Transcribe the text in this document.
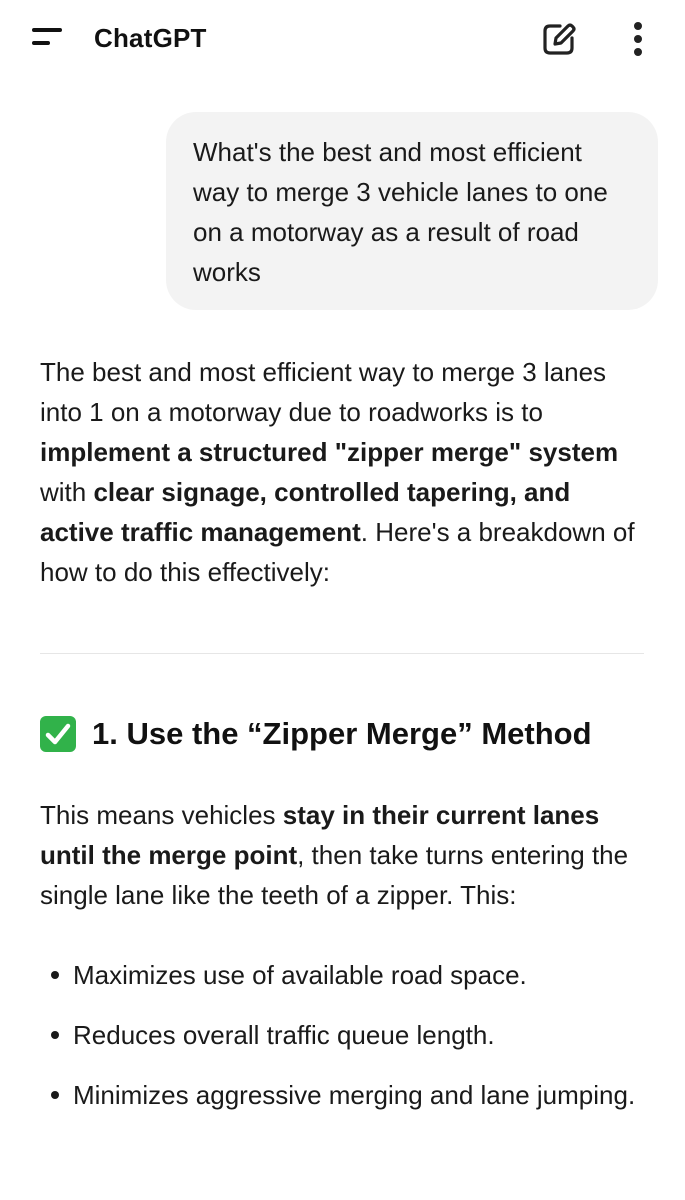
ChatGPT
What's the best and most efficient way to merge 3 vehicle lanes to one on a motorway as a result of road works

The best and most efficient way to merge 3 lanes into 1 on a motorway due to roadworks is to implement a structured "zipper merge" system with clear signage, controlled tapering, and active traffic management. Here's a breakdown of how to do this effectively:

1. Use the “Zipper Merge” Method

This means vehicles stay in their current lanes until the merge point, then take turns entering the single lane like the teeth of a zipper. This:

Maximizes use of available road space.
Reduces overall traffic queue length.
Minimizes aggressive merging and lane jumping.
